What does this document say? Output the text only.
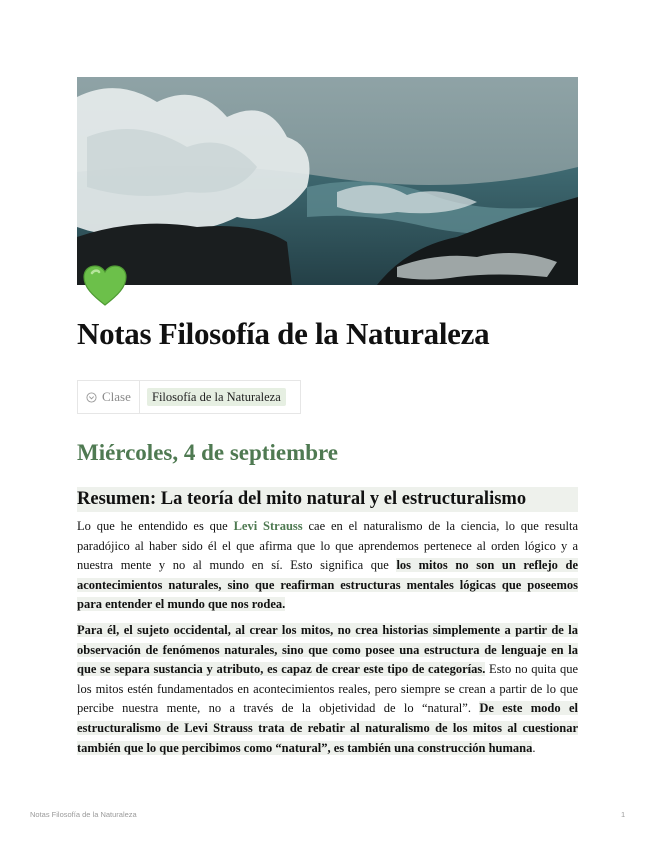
Notas Filosofía de la Naturaleza
Clase	Filosofía de la Naturaleza
Miércoles, 4 de septiembre
Resumen: La teoría del mito natural y el estructuralismo

Lo que he entendido es que Levi Strauss cae en el naturalismo de la ciencia, lo que resulta paradójico al haber sido él el que afirma que lo que aprendemos pertenece al orden lógico y a nuestra mente y no al mundo en sí. Esto significa que los mitos no son un reflejo de acontecimientos naturales, sino que reafirman estructuras mentales lógicas que poseemos para entender el mundo que nos rodea.

Para él, el sujeto occidental, al crear los mitos, no crea historias simplemente a partir de la observación de fenómenos naturales, sino que como posee una estructura de lenguaje en la que se separa sustancia y atributo, es capaz de crear este tipo de categorías. Esto no quita que los mitos estén fundamentados en acontecimientos reales, pero siempre se crean a partir de lo que percibe nuestra mente, no a través de la objetividad de lo “natural”. De este modo el estructuralismo de Levi Strauss trata de rebatir al naturalismo de los mitos al cuestionar también que lo que percibimos como “natural”, es también una construcción humana.

Notas Filosofía de la Naturaleza	1
